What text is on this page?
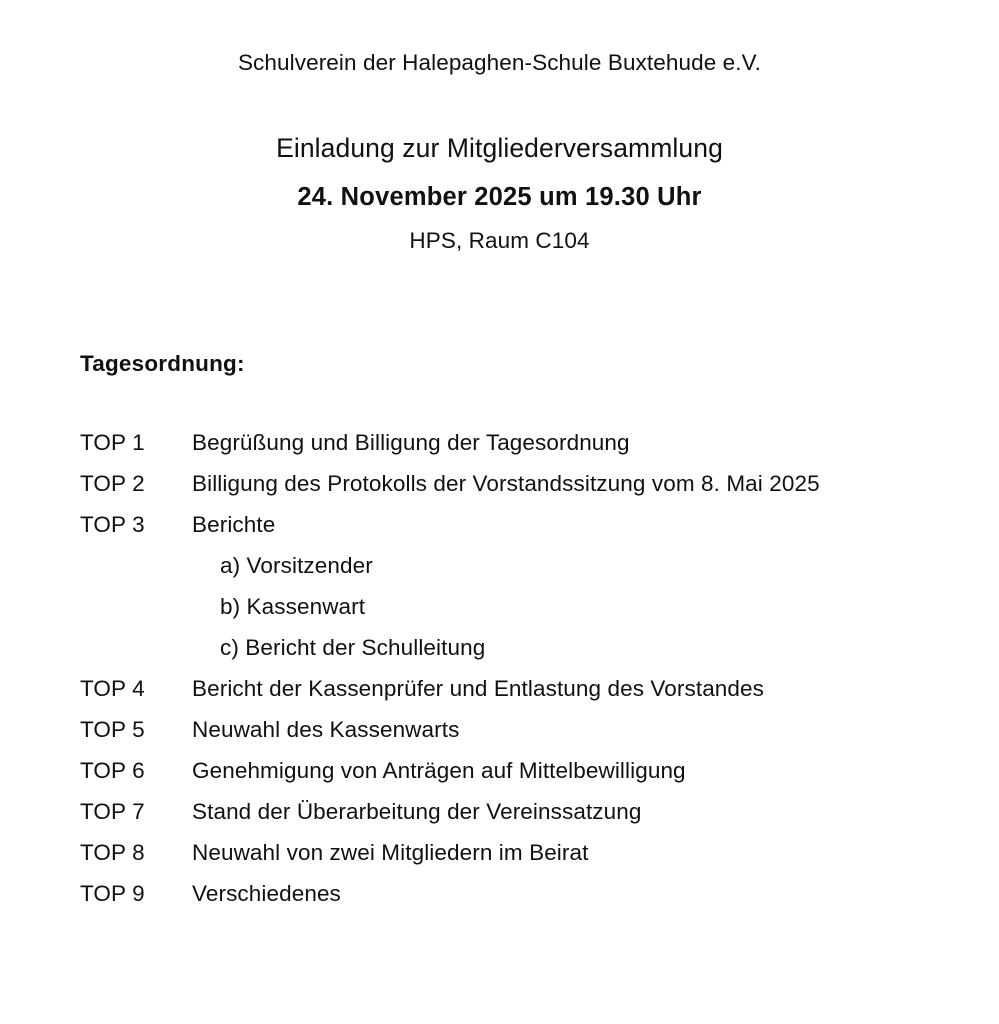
Schulverein der Halepaghen-Schule Buxtehude e.V.
Einladung zur Mitgliederversammlung
24. November 2025 um 19.30 Uhr
HPS, Raum C104
Tagesordnung:
TOP 1 Begrüßung und Billigung der Tagesordnung
TOP 2 Billigung des Protokolls der Vorstandssitzung vom 8. Mai 2025
TOP 3 Berichte
a) Vorsitzender
b) Kassenwart
c) Bericht der Schulleitung
TOP 4 Bericht der Kassenprüfer und Entlastung des Vorstandes
TOP 5 Neuwahl des Kassenwarts
TOP 6 Genehmigung von Anträgen auf Mittelbewilligung
TOP 7 Stand der Überarbeitung der Vereinssatzung
TOP 8 Neuwahl von zwei Mitgliedern im Beirat
TOP 9 Verschiedenes
